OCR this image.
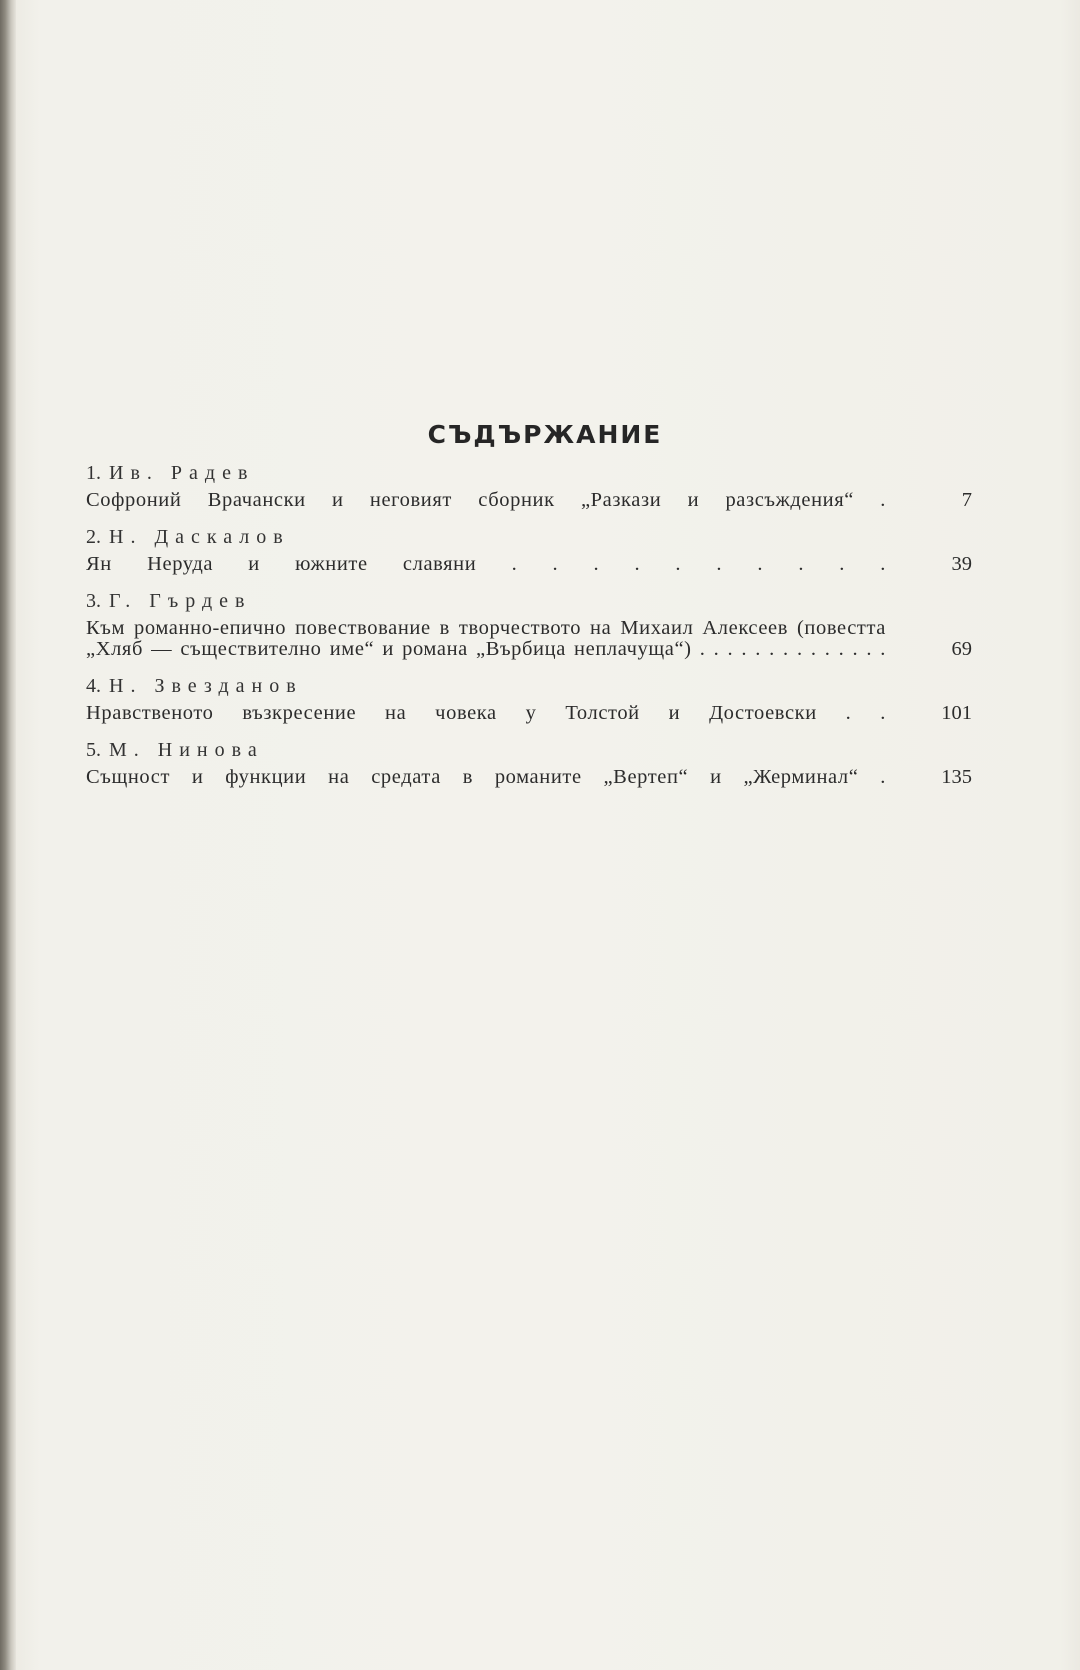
СЪДЪРЖАНИЕ
1. Ив. Радев
Софроний Врачански и неговият сборник „Разкази и разсъждения“ .	7
2. Н. Даскалов
Ян Неруда и южните славяни . . . . . . . . . .	39
3. Г. Гърдев
Към романно-епично повествование в творчеството на Михаил Алексеев (повестта „Хляб — съществително име“ и романа „Върбица неплачуща“) . . . . . . . . . . . . . .	69
4. Н. Звезданов
Нравственото възкресение на човека у Толстой и Достоевски . .	101
5. М. Нинова
Същност и функции на средата в романите „Вертеп“ и „Жерминал“ .	135
